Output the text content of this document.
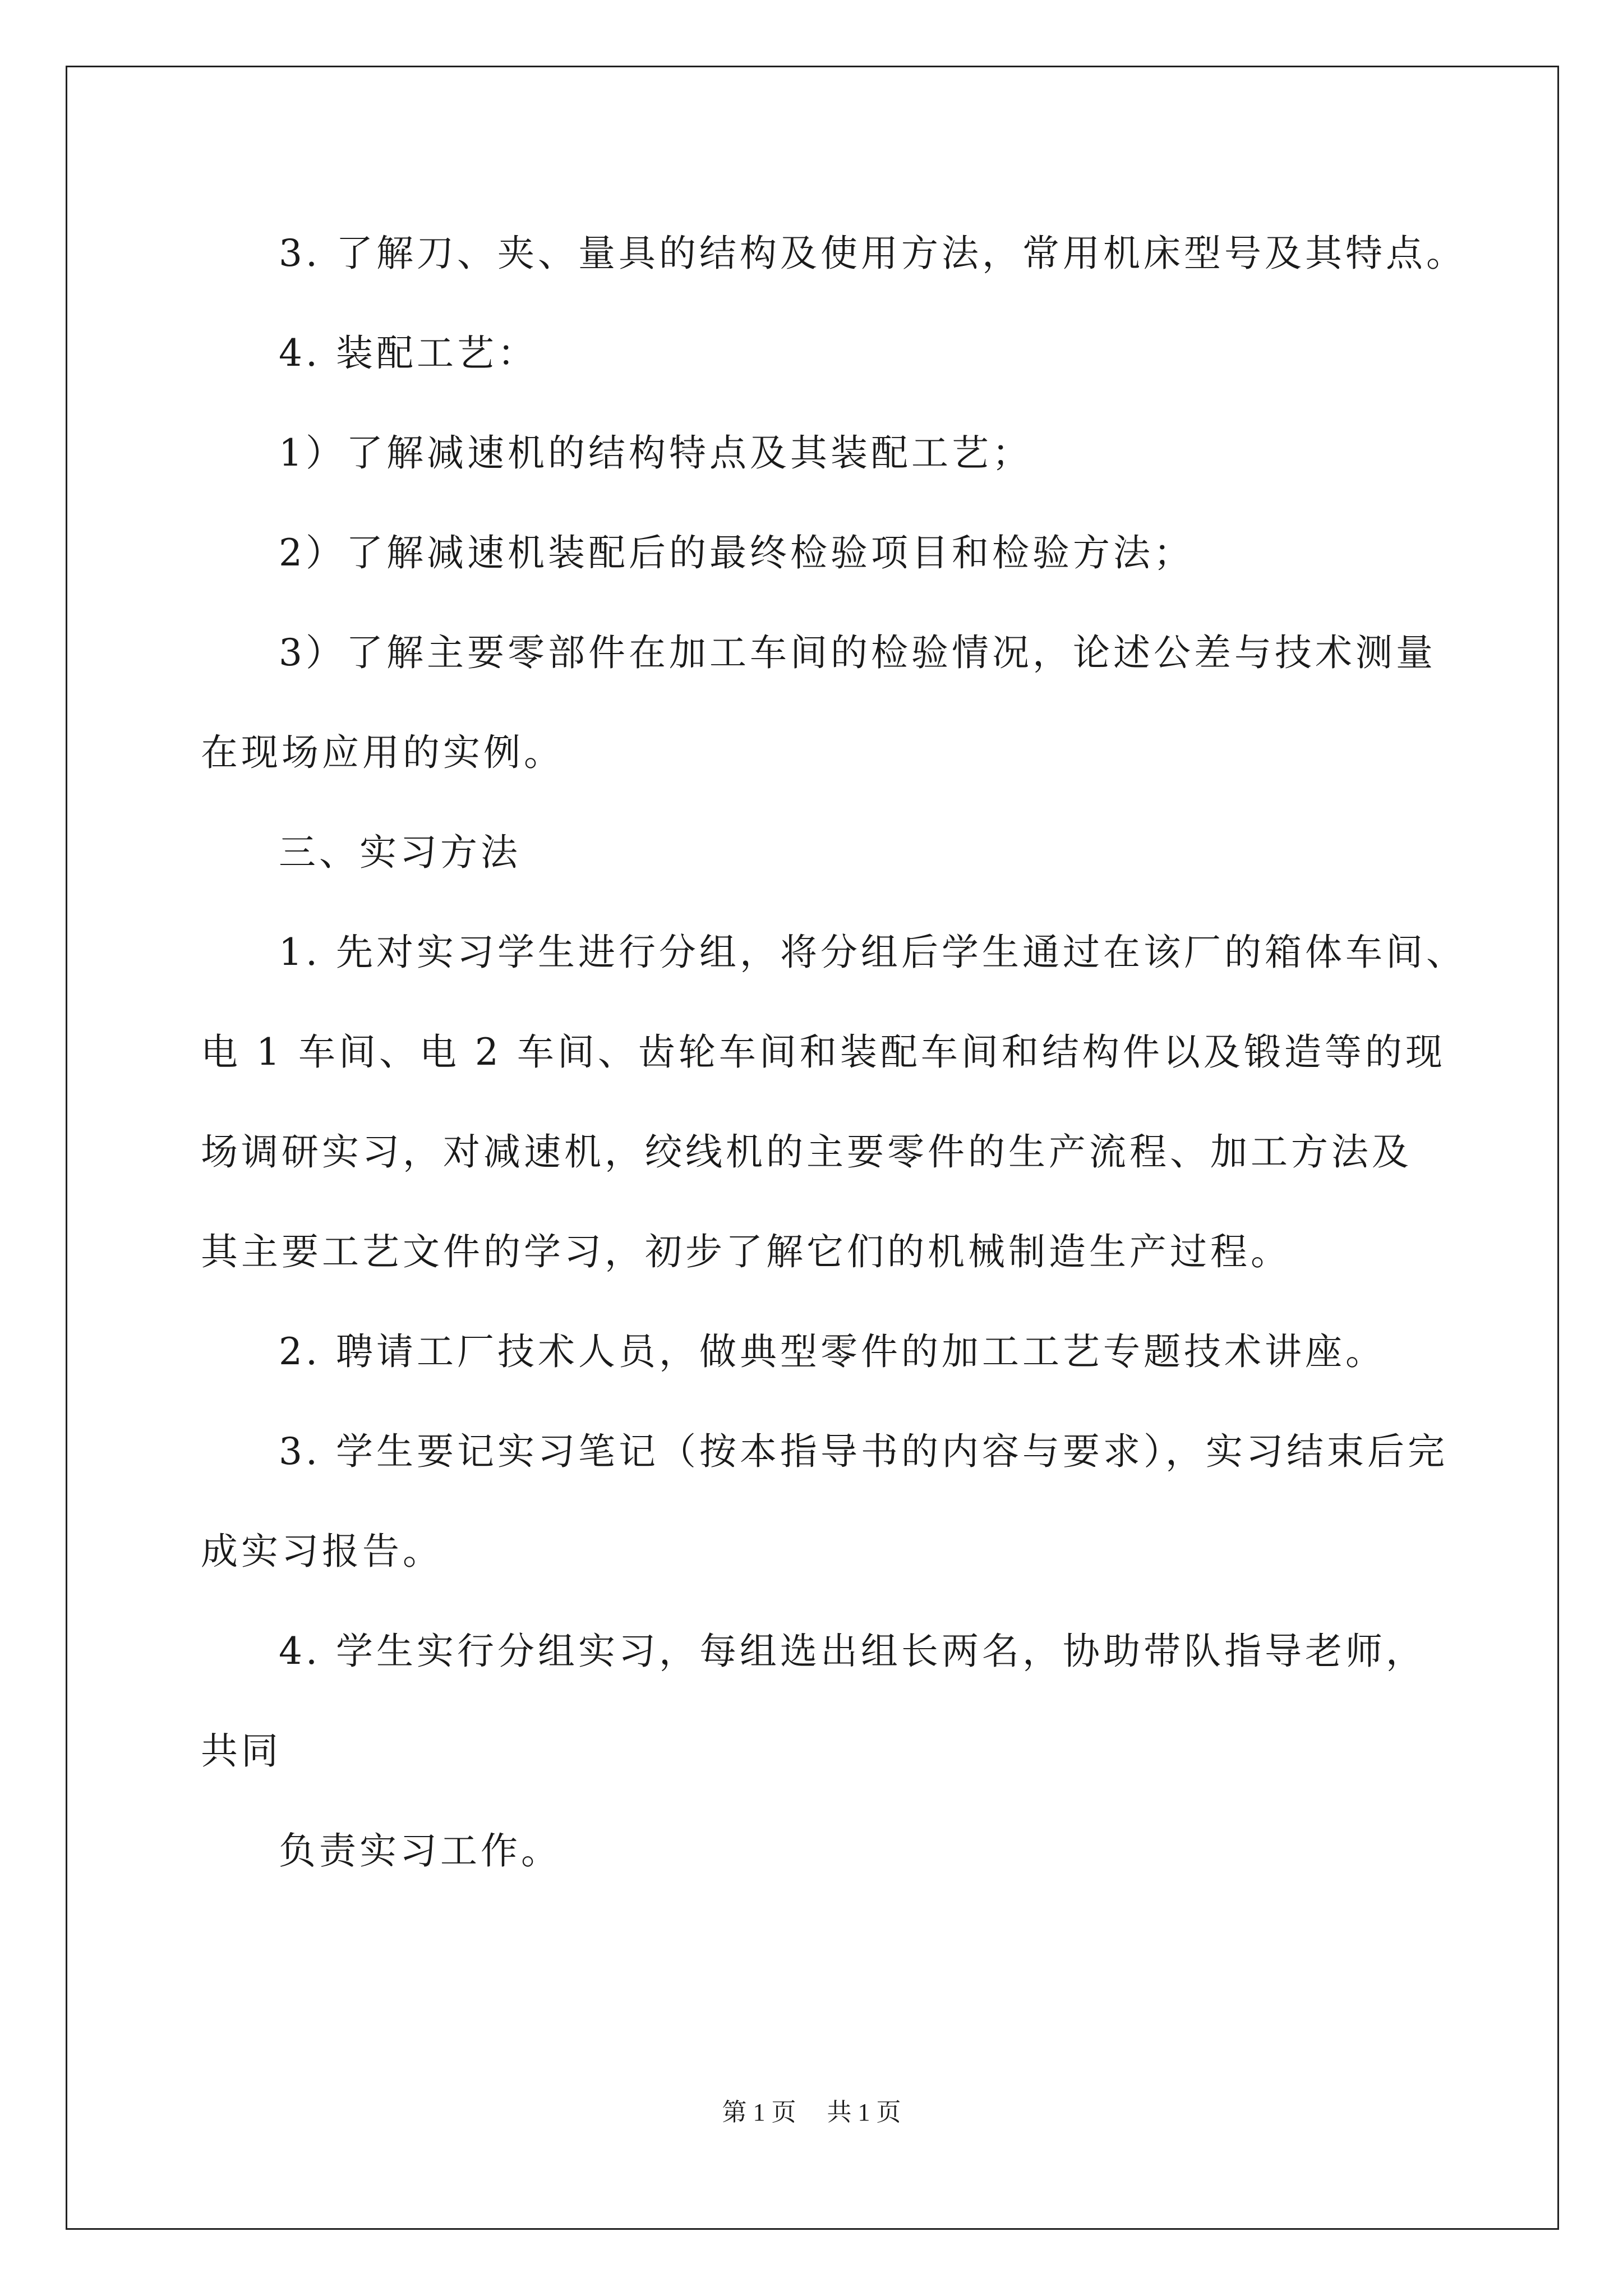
3. 了解刀、夹、量具的结构及使用方法，常用机床型号及其特点。
4. 装配工艺：
1）了解减速机的结构特点及其装配工艺；
2）了解减速机装配后的最终检验项目和检验方法；
3）了解主要零部件在加工车间的检验情况，论述公差与技术测量
在现场应用的实例。
三、实习方法
1. 先对实习学生进行分组，将分组后学生通过在该厂的箱体车间、
电 1 车间、电 2 车间、齿轮车间和装配车间和结构件以及锻造等的现
场调研实习，对减速机，绞线机的主要零件的生产流程、加工方法及
其主要工艺文件的学习，初步了解它们的机械制造生产过程。
2. 聘请工厂技术人员，做典型零件的加工工艺专题技术讲座。
3. 学生要记实习笔记（按本指导书的内容与要求），实习结束后完
成实习报告。
4. 学生实行分组实习，每组选出组长两名，协助带队指导老师，
共同
负责实习工作。
第 1 页 共 1 页
